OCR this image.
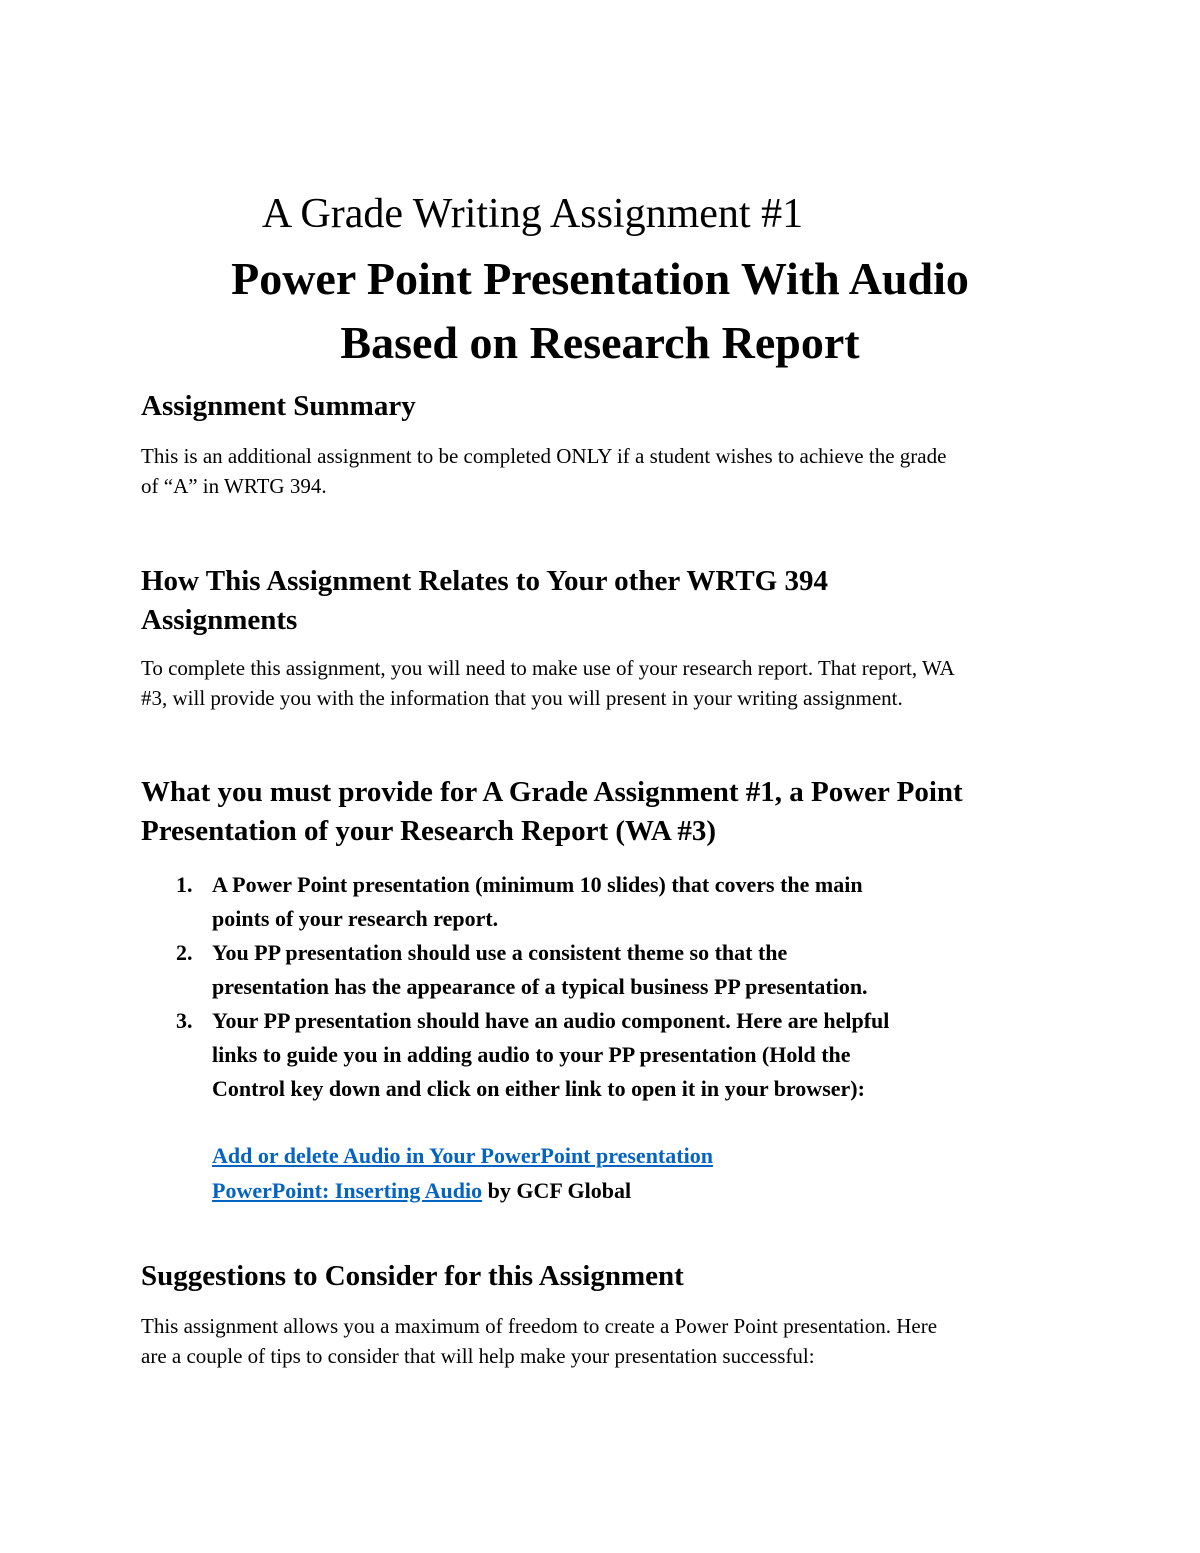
A Grade Writing Assignment #1
Power Point Presentation With Audio
Based on Research Report
Assignment Summary
This is an additional assignment to be completed ONLY if a student wishes to achieve the grade
of “A” in WRTG 394.
How This Assignment Relates to Your other WRTG 394
Assignments
To complete this assignment, you will need to make use of your research report. That report, WA
#3, will provide you with the information that you will present in your writing assignment.
What you must provide for A Grade Assignment #1, a Power Point
Presentation of your Research Report (WA #3)
1. A Power Point presentation (minimum 10 slides) that covers the main
points of your research report.
2. You PP presentation should use a consistent theme so that the
presentation has the appearance of a typical business PP presentation.
3. Your PP presentation should have an audio component. Here are helpful
links to guide you in adding audio to your PP presentation (Hold the
Control key down and click on either link to open it in your browser):
Add or delete Audio in Your PowerPoint presentation
PowerPoint: Inserting Audio by GCF Global
Suggestions to Consider for this Assignment
This assignment allows you a maximum of freedom to create a Power Point presentation. Here
are a couple of tips to consider that will help make your presentation successful:
